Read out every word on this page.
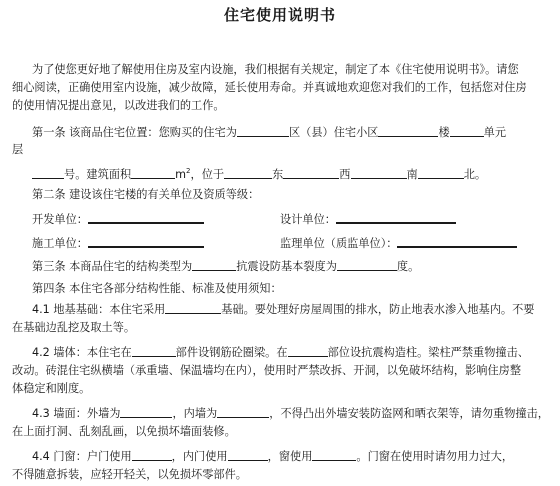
住宅使用说明书
为了使您更好地了解使用住房及室内设施，我们根据有关规定，制定了本《住宅使用说明书》。请您
细心阅读，正确使用室内设施，减少故障，延长使用寿命。并真诚地欢迎您对我们的工作，包括您对住房
的使用情况提出意见，以改进我们的工作。
第一条 该商品住宅位置：您购买的住宅为	区（县）住宅小区	楼	单元
层
号。建筑面积	$m^2$，位于	东	西	南	北。
第二条 建设该住宅楼的有关单位及资质等级：
开发单位：	设计单位：
施工单位：	监理单位（质监单位）：
第三条 本商品住宅的结构类型为	抗震设防基本裂度为	度。
第四条 本住宅各部分结构性能、标准及使用须知：
4.1 地基基础：本住宅采用	基础。要处理好房屋周围的排水，防止地表水渗入地基内。不要
在基础边乱挖及取土等。
4.2 墙体：本住宅在	部件设钢筋砼圈梁。在	部位设抗震构造柱。梁柱严禁重物撞击、
改动。砖混住宅纵横墙（承重墙、保温墙均在内），使用时严禁改拆、开洞，以免破坏结构，影响住房整
体稳定和刚度。
4.3 墙面：外墙为	，内墙为	，不得凸出外墙安装防盗网和晒衣架等，请勿重物撞击，
在上面打洞、乱刻乱画，以免损坏墙面装修。
4.4 门窗：户门使用	，内门使用	，窗使用	。门窗在使用时请勿用力过大，
不得随意拆装，应轻开轻关，以免损坏零部件。
